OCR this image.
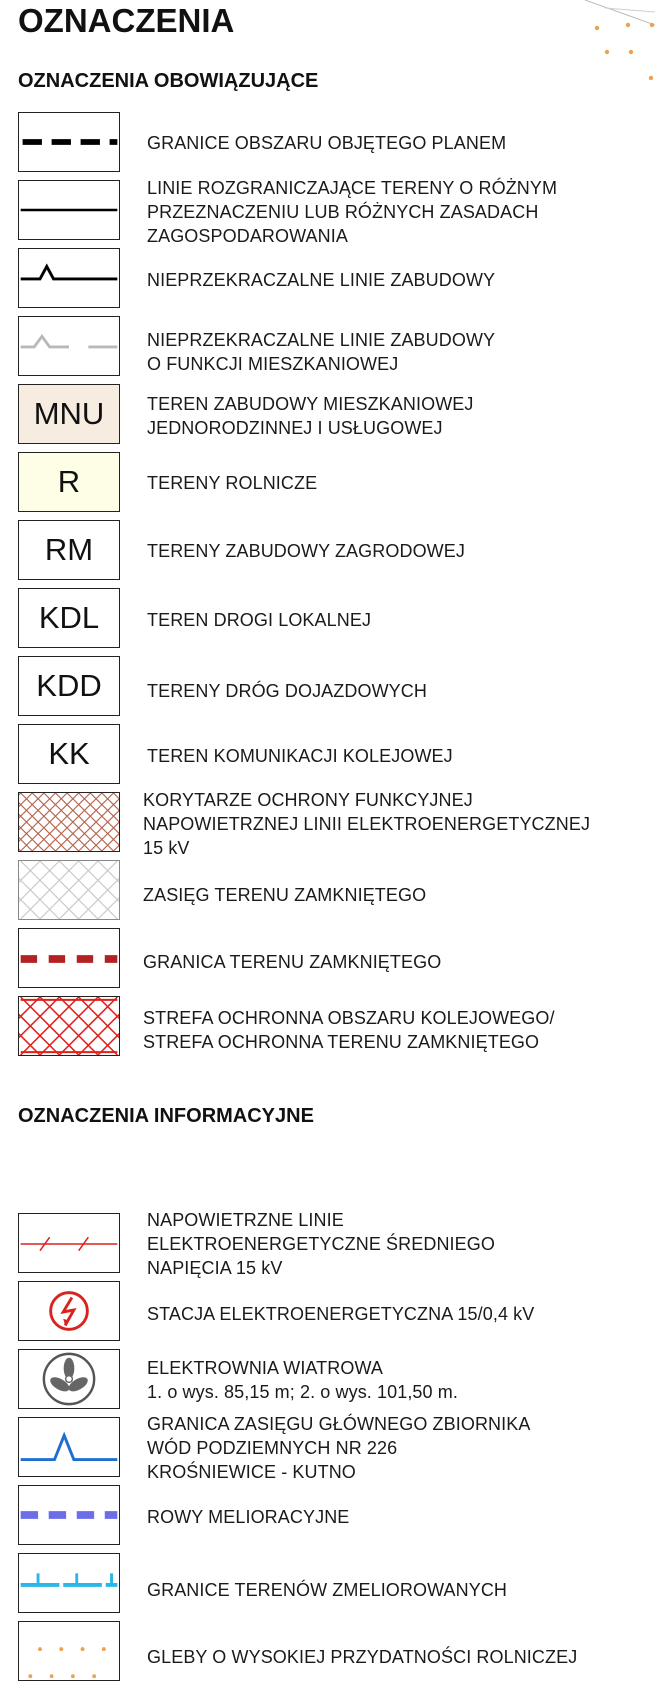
OZNACZENIA
OZNACZENIA OBOWIĄZUJĄCE

GRANICE OBSZARU OBJĘTEGO PLANEM

LINIE ROZGRANICZAJĄCE TERENY O RÓŻNYM
PRZEZNACZENIU LUB RÓŻNYCH ZASADACH
ZAGOSPODAROWANIA

NIEPRZEKRACZALNE LINIE ZABUDOWY

NIEPRZEKRACZALNE LINIE ZABUDOWY
O FUNKCJI MIESZKANIOWEJ

MNU	TEREN ZABUDOWY MIESZKANIOWEJ
JEDNORODZINNEJ I USŁUGOWEJ

R	TERENY ROLNICZE

RM	TERENY ZABUDOWY ZAGRODOWEJ

KDL	TEREN DROGI LOKALNEJ

KDD	TERENY DRÓG DOJAZDOWYCH

KK	TEREN KOMUNIKACJI KOLEJOWEJ

KORYTARZE OCHRONY FUNKCYJNEJ
NAPOWIETRZNEJ LINII ELEKTROENERGETYCZNEJ
15 kV

ZASIĘG TERENU ZAMKNIĘTEGO

GRANICA TERENU ZAMKNIĘTEGO

STREFA OCHRONNA OBSZARU KOLEJOWEGO/
STREFA OCHRONNA TERENU ZAMKNIĘTEGO

OZNACZENIA INFORMACYJNE

NAPOWIETRZNE LINIE
ELEKTROENERGETYCZNE ŚREDNIEGO
NAPIĘCIA 15 kV

STACJA ELEKTROENERGETYCZNA 15/0,4 kV

ELEKTROWNIA WIATROWA
1. o wys. 85,15 m; 2. o wys. 101,50 m.

GRANICA ZASIĘGU GŁÓWNEGO ZBIORNIKA
WÓD PODZIEMNYCH NR 226
KROŚNIEWICE - KUTNO

ROWY MELIORACYJNE

GRANICE TERENÓW ZMELIOROWANYCH

GLEBY O WYSOKIEJ PRZYDATNOŚCI ROLNICZEJ
